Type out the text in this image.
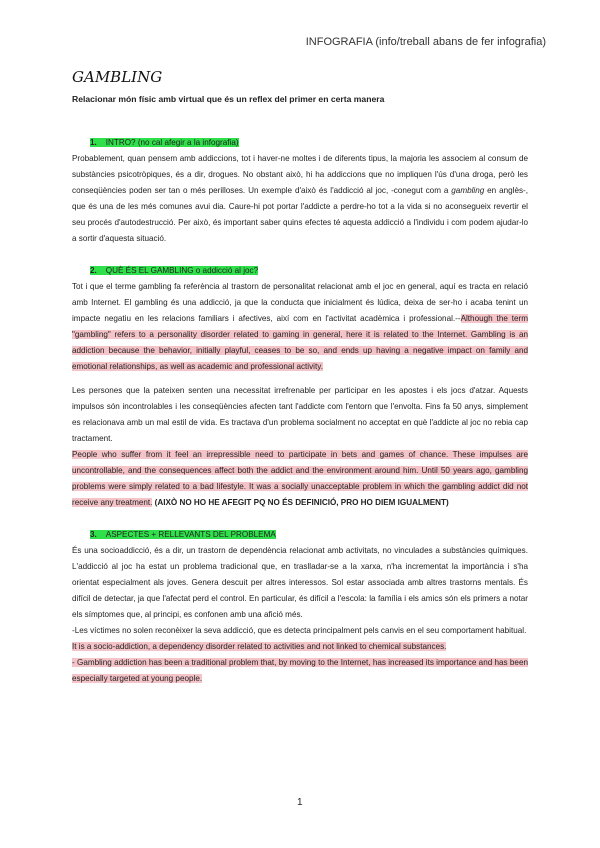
INFOGRAFIA (info/treball abans de fer infografia)
GAMBLING
Relacionar món físic amb virtual que és un reflex del primer en certa manera

1. INTRO? (no cal afegir a la infografia)

Probablement, quan pensem amb addiccions, tot i haver-ne moltes i de diferents tipus, la majoria les associem al consum de substàncies psicotròpiques, és a dir, drogues. No obstant això, hi ha addiccions que no impliquen l'ús d'una droga, però les conseqüències poden ser tan o més perilloses. Un exemple d'això és l'addicció al joc, -conegut com a gambling en anglès-, que és una de les més comunes avui dia. Caure-hi pot portar l'addicte a perdre-ho tot a la vida si no aconsegueix revertir el seu procés d'autodestrucció. Per això, és important saber quins efectes té aquesta addicció a l'individu i com podem ajudar-lo a sortir d'aquesta situació.

2. QUÈ ÉS EL GAMBLING o addicció al joc?

Tot i que el terme gambling fa referència al trastorn de personalitat relacionat amb el joc en general, aquí es tracta en relació amb Internet. El gambling és una addicció, ja que la conducta que inicialment és lúdica, deixa de ser-ho i acaba tenint un impacte negatiu en les relacions familiars i afectives, així com en l'activitat acadèmica i professional.--Although the term "gambling" refers to a personality disorder related to gaming in general, here it is related to the Internet. Gambling is an addiction because the behavior, initially playful, ceases to be so, and ends up having a negative impact on family and emotional relationships, as well as academic and professional activity.

Les persones que la pateixen senten una necessitat irrefrenable per participar en les apostes i els jocs d'atzar. Aquests impulsos són incontrolables i les conseqüències afecten tant l'addicte com l'entorn que l'envolta. Fins fa 50 anys, simplement es relacionava amb un mal estil de vida. Es tractava d'un problema socialment no acceptat en què l'addicte al joc no rebia cap tractament.

People who suffer from it feel an irrepressible need to participate in bets and games of chance. These impulses are uncontrollable, and the consequences affect both the addict and the environment around him. Until 50 years ago, gambling problems were simply related to a bad lifestyle. It was a socially unacceptable problem in which the gambling addict did not receive any treatment. (AIXÒ NO HO HE AFEGIT PQ NO ÉS DEFINICIÓ, PRO HO DIEM IGUALMENT)

3. ASPECTES + RELLEVANTS DEL PROBLEMA

És una socioaddicció, és a dir, un trastorn de dependència relacionat amb activitats, no vinculades a substàncies químiques. L'addicció al joc ha estat un problema tradicional que, en traslladar-se a la xarxa, n'ha incrementat la importància i s'ha orientat especialment als joves. Genera descuit per altres interessos. Sol estar associada amb altres trastorns mentals. És difícil de detectar, ja que l'afectat perd el control. En particular, és difícil a l'escola: la família i els amics són els primers a notar els símptomes que, al principi, es confonen amb una afició més.

-Les víctimes no solen reconèixer la seva addicció, que es detecta principalment pels canvis en el seu comportament habitual.

It is a socio-addiction, a dependency disorder related to activities and not linked to chemical substances.

- Gambling addiction has been a traditional problem that, by moving to the Internet, has increased its importance and has been especially targeted at young people.

1
